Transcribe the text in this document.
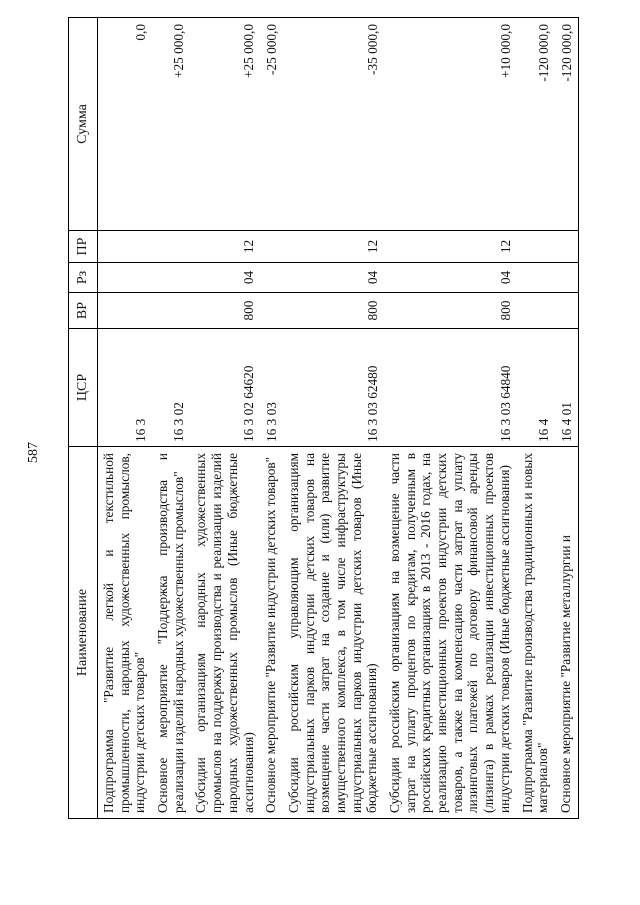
587
Наименование	ЦСР	ВР	Рз	ПР	Сумма
Подпрограмма "Развитие легкой и текстильной промышленности, народных художественных промыслов, индустрии детских товаров"	16 3				0,0
Основное мероприятие "Поддержка производства и реализации изделий народных художественных промыслов"	16 3 02				+25 000,0
Субсидии организациям народных художественных промыслов на поддержку производства и реализации изделий народных художественных промыслов (Иные бюджетные ассигнования)	16 3 02 64620	800	04	12	+25 000,0
Основное мероприятие "Развитие индустрии детских товаров"	16 3 03				-25 000,0
Субсидии российским управляющим организациям индустриальных парков индустрии детских товаров на возмещение части затрат на создание и (или) развитие имущественного комплекса, в том числе инфраструктуры индустриальных парков индустрии детских товаров (Иные бюджетные ассигнования)	16 3 03 62480	800	04	12	-35 000,0
Субсидии российским организациям на возмещение части затрат на уплату процентов по кредитам, полученным в российских кредитных организациях в 2013 - 2016 годах, на реализацию инвестиционных проектов индустрии детских товаров, а также на компенсацию части затрат на уплату лизинговых платежей по договору финансовой аренды (лизинга) в рамках реализации инвестиционных проектов индустрии детских товаров (Иные бюджетные ассигнования)	16 3 03 64840	800	04	12	+10 000,0
Подпрограмма "Развитие производства традиционных и новых материалов"	16 4				-120 000,0
Основное мероприятие "Развитие металлургии и	16 4 01				-120 000,0
